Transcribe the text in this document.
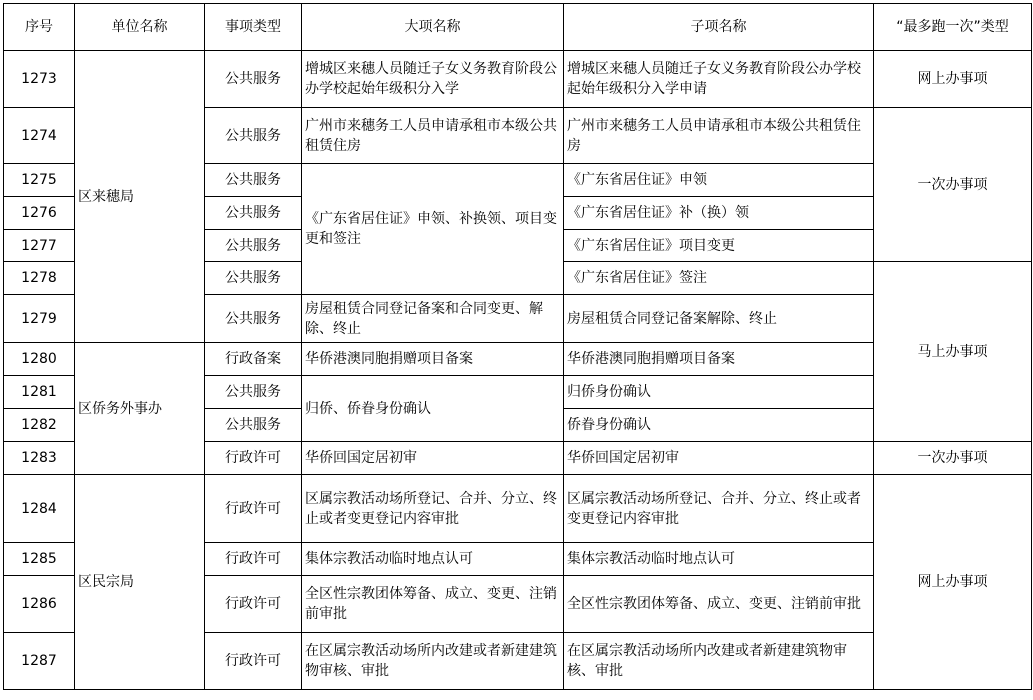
序号	单位名称	事项类型	大项名称	子项名称	“最多跑一次”类型
1273	区来穗局	公共服务	增城区来穗人员随迁子女义务教育阶段公办学校起始年级积分入学	增城区来穗人员随迁子女义务教育阶段公办学校起始年级积分入学申请	网上办事项
1274		公共服务	广州市来穗务工人员申请承租市本级公共租赁住房	广州市来穗务工人员申请承租市本级公共租赁住房	一次办事项
1275		公共服务	《广东省居住证》申领、补换领、项目变更和签注	《广东省居住证》申领	
1276		公共服务		《广东省居住证》补（换）领	
1277		公共服务		《广东省居住证》项目变更	
1278		公共服务		《广东省居住证》签注	马上办事项
1279		公共服务	房屋租赁合同登记备案和合同变更、解除、终止	房屋租赁合同登记备案解除、终止	
1280	区侨务外事办	行政备案	华侨港澳同胞捐赠项目备案	华侨港澳同胞捐赠项目备案	
1281		公共服务	归侨、侨眷身份确认	归侨身份确认	
1282		公共服务		侨眷身份确认	
1283		行政许可	华侨回国定居初审	华侨回国定居初审	一次办事项
1284	区民宗局	行政许可	区属宗教活动场所登记、合并、分立、终止或者变更登记内容审批	区属宗教活动场所登记、合并、分立、终止或者变更登记内容审批	网上办事项
1285		行政许可	集体宗教活动临时地点认可	集体宗教活动临时地点认可	
1286		行政许可	全区性宗教团体筹备、成立、变更、注销前审批	全区性宗教团体筹备、成立、变更、注销前审批	
1287		行政许可	在区属宗教活动场所内改建或者新建建筑物审核、审批	在区属宗教活动场所内改建或者新建建筑物审核、审批	
